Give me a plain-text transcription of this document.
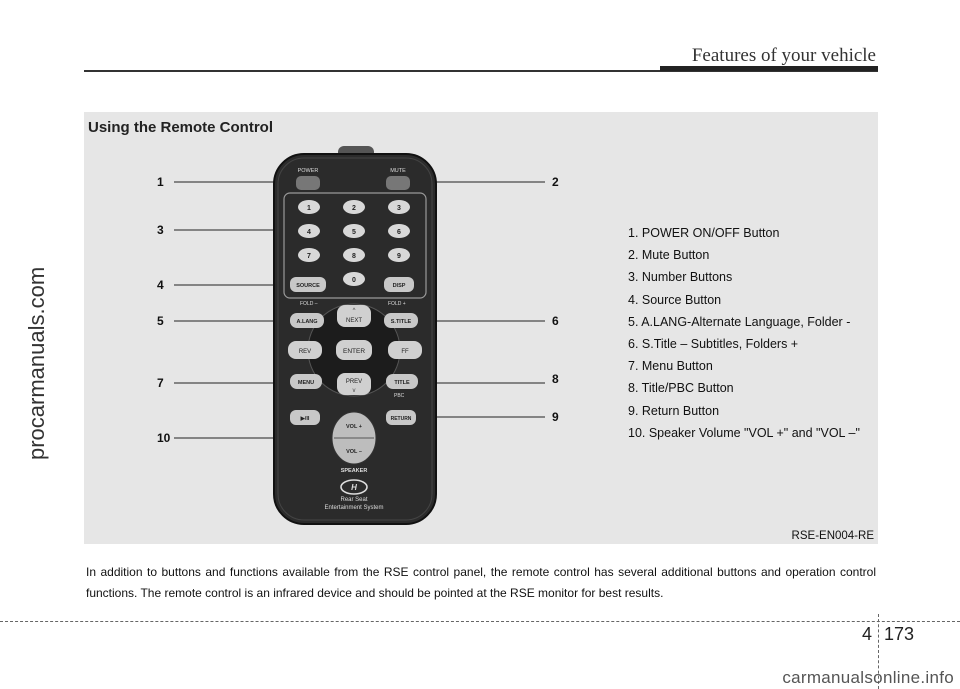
Features of your vehicle
procarmanuals.com
Using the Remote Control
1	2
3
4
5	6
7	8
9
10
POWER	MUTE
1	2	3
4	5	6
7	8	9
0
SOURCE	DISP
FOLD –	FOLD +
A.LANG	S.TITLE
^
NEXT
REV	ENTER	FF
PREV
v
MENU	TITLE
PBC
▶/II	RETURN
VOL +
VOL –
SPEAKER
H
Rear Seat
Entertainment System
1. POWER ON/OFF Button
2. Mute Button
3. Number Buttons
4. Source Button
5. A.LANG-Alternate Language, Folder -
6. S.Title – Subtitles, Folders +
7. Menu Button
8. Title/PBC Button
9. Return Button
10. Speaker Volume "VOL +" and "VOL –"
RSE-EN004-RE
In addition to buttons and functions available from the RSE control panel, the remote control has several additional buttons and operation control functions. The remote control is an infrared device and should be pointed at the RSE monitor for best results.
4 173
carmanualsonline.info
